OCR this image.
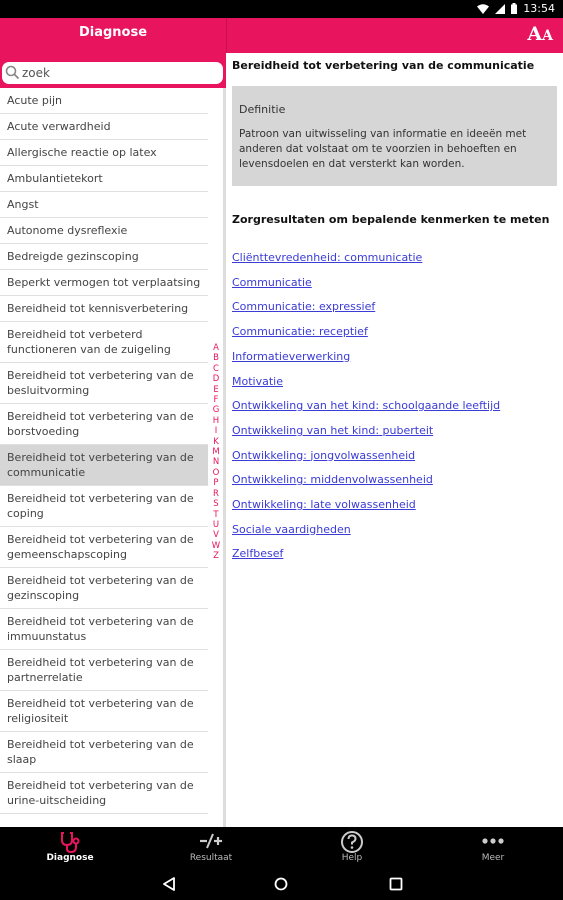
13:54
Diagnose
zoek	AA
Acute pijn
Acute verwardheid
Allergische reactie op latex
Ambulantietekort
Angst
Autonome dysreflexie
Bedreigde gezinscoping
Beperkt vermogen tot verplaatsing
Bereidheid tot kennisverbetering
Bereidheid tot verbeterd functioneren van de zuigeling
Bereidheid tot verbetering van de besluitvorming
Bereidheid tot verbetering van de borstvoeding
Bereidheid tot verbetering van de communicatie
Bereidheid tot verbetering van de coping
Bereidheid tot verbetering van de gemeenschapscoping
Bereidheid tot verbetering van de gezinscoping
Bereidheid tot verbetering van de immuunstatus
Bereidheid tot verbetering van de partnerrelatie
Bereidheid tot verbetering van de religiositeit
Bereidheid tot verbetering van de slaap
Bereidheid tot verbetering van de urine-uitscheiding
A
B
C
D
E
F
G
H
I
K
M
N
O
P
R
S
T
U
V
W
Z
Bereidheid tot verbetering van de communicatie
Definitie
Patroon van uitwisseling van informatie en ideeën met anderen dat volstaat om te voorzien in behoeften en levensdoelen en dat versterkt kan worden.
Zorgresultaten om bepalende kenmerken te meten
Cliënttevredenheid: communicatie
Communicatie
Communicatie: expressief
Communicatie: receptief
Informatieverwerking
Motivatie
Ontwikkeling van het kind: schoolgaande leeftijd
Ontwikkeling van het kind: puberteit
Ontwikkeling: jongvolwassenheid
Ontwikkeling: middenvolwassenheid
Ontwikkeling: late volwassenheid
Sociale vaardigheden
Zelfbesef
Diagnose	Resultaat	Help	Meer
